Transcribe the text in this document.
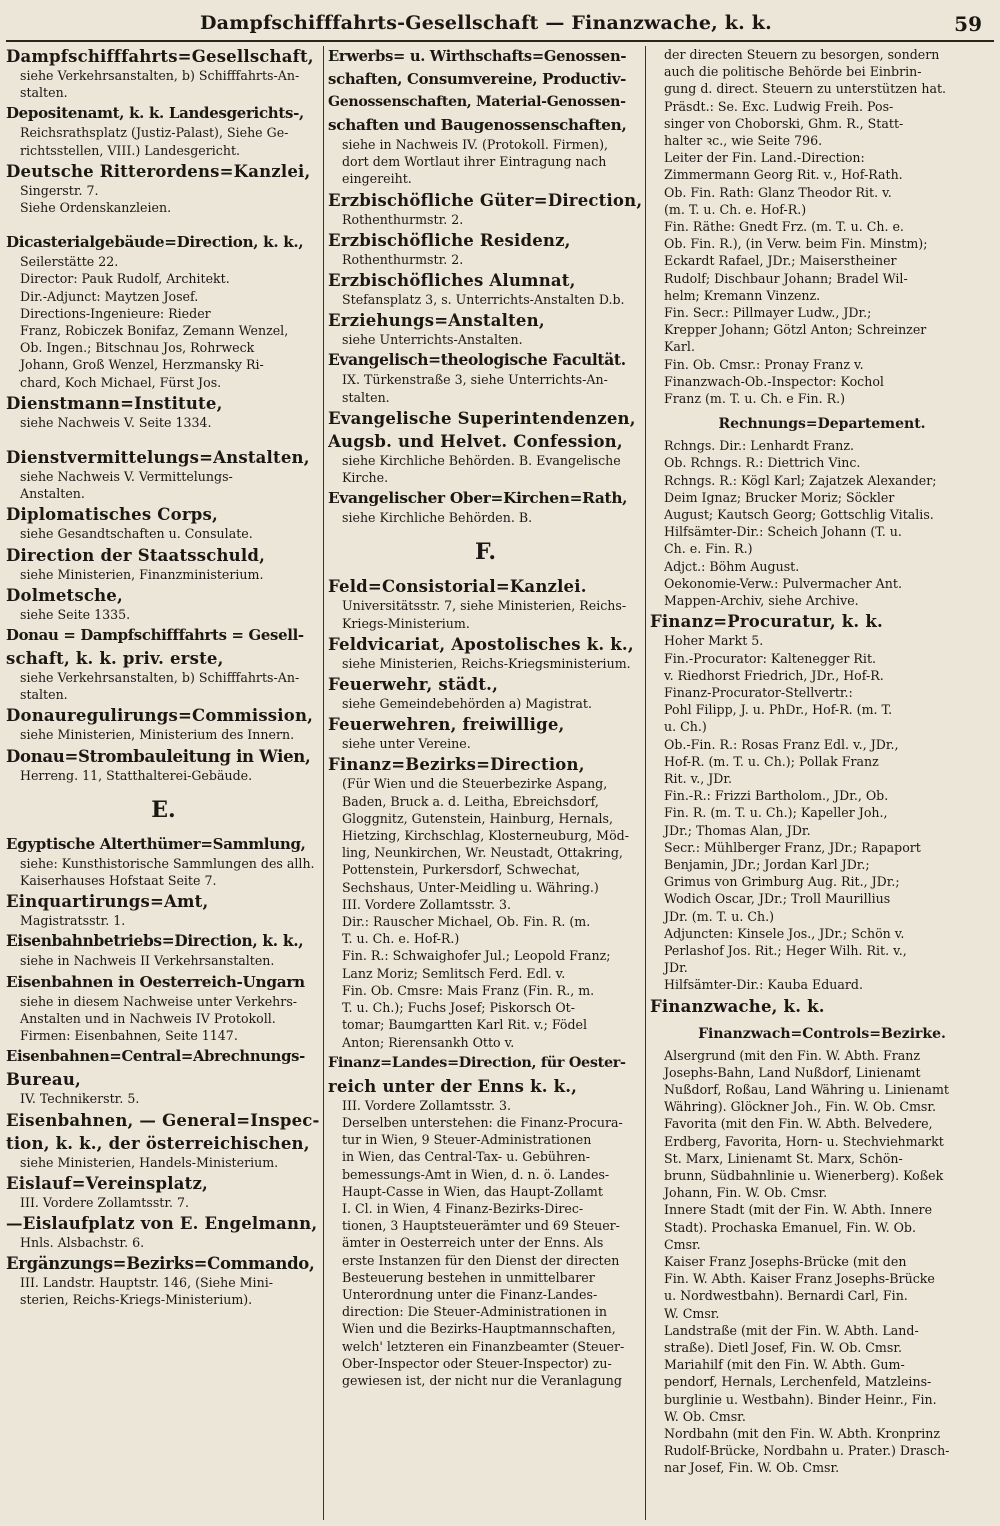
Dampfschifffahrts-Gesellschaft — Finanzwache, k. k.	59
Dampfschifffahrts=Gesellschaft,
siehe Verkehrsanstalten, b) Schifffahrts-An-
stalten.
Depositenamt, k. k. Landesgerichts-,
Reichsrathsplatz (Justiz-Palast), Siehe Ge-
richtsstellen, VIII.) Landesgericht.
Deutsche Ritterordens=Kanzlei,
Singerstr. 7.
Siehe Ordenskanzleien.
Dicasterialgebäude=Direction, k. k.,
Seilerstätte 22.
Director: Pauk Rudolf, Architekt.
Dir.-Adjunct: Maytzen Josef.
Directions-Ingenieure: Rieder
Franz, Robiczek Bonifaz, Zemann Wenzel,
Ob. Ingen.; Bitschnau Jos, Rohrweck
Johann, Groß Wenzel, Herzmansky Ri-
chard, Koch Michael, Fürst Jos.
Dienstmann=Institute,
siehe Nachweis V. Seite 1334.
Dienstvermittelungs=Anstalten,
siehe Nachweis V. Vermittelungs-
Anstalten.
Diplomatisches Corps,
siehe Gesandtschaften u. Consulate.
Direction der Staatsschuld,
siehe Ministerien, Finanzministerium.
Dolmetsche,
siehe Seite 1335.
Donau = Dampfschifffahrts = Gesell-
schaft, k. k. priv. erste,
siehe Verkehrsanstalten, b) Schifffahrts-An-
stalten.
Donauregulirungs=Commission,
siehe Ministerien, Ministerium des Innern.
Donau=Strombauleitung in Wien,
Herreng. 11, Statthalterei-Gebäude.
E.
Egyptische Alterthümer=Sammlung,
siehe: Kunsthistorische Sammlungen des allh.
Kaiserhauses Hofstaat Seite 7.
Einquartirungs=Amt,
Magistratsstr. 1.
Eisenbahnbetriebs=Direction, k. k.,
siehe in Nachweis II Verkehrsanstalten.
Eisenbahnen in Oesterreich-Ungarn
siehe in diesem Nachweise unter Verkehrs-
Anstalten und in Nachweis IV Protokoll.
Firmen: Eisenbahnen, Seite 1147.
Eisenbahnen=Central=Abrechnungs-
Bureau,
IV. Technikerstr. 5.
Eisenbahnen, — General=Inspec-
tion, k. k., der österreichischen,
siehe Ministerien, Handels-Ministerium.
Eislauf=Vereinsplatz,
III. Vordere Zollamtsstr. 7.
—Eislaufplatz von E. Engelmann,
Hnls. Alsbachstr. 6.
Ergänzungs=Bezirks=Commando,
III. Landstr. Hauptstr. 146, (Siehe Mini-
sterien, Reichs-Kriegs-Ministerium).
Erwerbs= u. Wirthschafts=Genossen-
schaften, Consumvereine, Productiv-
Genossenschaften, Material-Genossen-
schaften und Baugenossenschaften,
siehe in Nachweis IV. (Protokoll. Firmen),
dort dem Wortlaut ihrer Eintragung nach
eingereiht.
Erzbischöfliche Güter=Direction,
Rothenthurmstr. 2.
Erzbischöfliche Residenz,
Rothenthurmstr. 2.
Erzbischöfliches Alumnat,
Stefansplatz 3, s. Unterrichts-Anstalten D.b.
Erziehungs=Anstalten,
siehe Unterrichts-Anstalten.
Evangelisch=theologische Facultät.
IX. Türkenstraße 3, siehe Unterrichts-An-
stalten.
Evangelische Superintendenzen,
Augsb. und Helvet. Confession,
siehe Kirchliche Behörden. B. Evangelische
Kirche.
Evangelischer Ober=Kirchen=Rath,
siehe Kirchliche Behörden. B.
F.
Feld=Consistorial=Kanzlei.
Universitätsstr. 7, siehe Ministerien, Reichs-
Kriegs-Ministerium.
Feldvicariat, Apostolisches k. k.,
siehe Ministerien, Reichs-Kriegsministerium.
Feuerwehr, städt.,
siehe Gemeindebehörden a) Magistrat.
Feuerwehren, freiwillige,
siehe unter Vereine.
Finanz=Bezirks=Direction,
(Für Wien und die Steuerbezirke Aspang,
Baden, Bruck a. d. Leitha, Ebreichsdorf,
Gloggnitz, Gutenstein, Hainburg, Hernals,
Hietzing, Kirchschlag, Klosterneuburg, Möd-
ling, Neunkirchen, Wr. Neustadt, Ottakring,
Pottenstein, Purkersdorf, Schwechat,
Sechshaus, Unter-Meidling u. Währing.)
III. Vordere Zollamtsstr. 3.
Dir.: Rauscher Michael, Ob. Fin. R. (m.
T. u. Ch. e. Hof-R.)
Fin. R.: Schwaighofer Jul.; Leopold Franz;
Lanz Moriz; Semlitsch Ferd. Edl. v.
Fin. Ob. Cmsre: Mais Franz (Fin. R., m.
T. u. Ch.); Fuchs Josef; Piskorsch Ot-
tomar; Baumgartten Karl Rit. v.; Födel
Anton; Rierensankh Otto v.
Finanz=Landes=Direction, für Oester-
reich unter der Enns k. k.,
III. Vordere Zollamtsstr. 3.
Derselben unterstehen: die Finanz-Procura-
tur in Wien, 9 Steuer-Administrationen
in Wien, das Central-Tax- u. Gebühren-
bemessungs-Amt in Wien, d. n. ö. Landes-
Haupt-Casse in Wien, das Haupt-Zollamt
I. Cl. in Wien, 4 Finanz-Bezirks-Direc-
tionen, 3 Hauptsteuerämter und 69 Steuer-
ämter in Oesterreich unter der Enns. Als
erste Instanzen für den Dienst der directen
Besteuerung bestehen in unmittelbarer
Unterordnung unter die Finanz-Landes-
direction: Die Steuer-Administrationen in
Wien und die Bezirks-Hauptmannschaften,
welch' letzteren ein Finanzbeamter (Steuer-
Ober-Inspector oder Steuer-Inspector) zu-
gewiesen ist, der nicht nur die Veranlagung
der directen Steuern zu besorgen, sondern
auch die politische Behörde bei Einbrin-
gung d. direct. Steuern zu unterstützen hat.
Präsdt.: Se. Exc. Ludwig Freih. Pos-
singer von Choborski, Ghm. R., Statt-
halter ꝛc., wie Seite 796.
Leiter der Fin. Land.-Direction:
Zimmermann Georg Rit. v., Hof-Rath.
Ob. Fin. Rath: Glanz Theodor Rit. v.
(m. T. u. Ch. e. Hof-R.)
Fin. Räthe: Gnedt Frz. (m. T. u. Ch. e.
Ob. Fin. R.), (in Verw. beim Fin. Minstm);
Eckardt Rafael, JDr.; Maiserstheiner
Rudolf; Dischbaur Johann; Bradel Wil-
helm; Kremann Vinzenz.
Fin. Secr.: Pillmayer Ludw., JDr.;
Krepper Johann; Götzl Anton; Schreinzer
Karl.
Fin. Ob. Cmsr.: Pronay Franz v.
Finanzwach-Ob.-Inspector: Kochol
Franz (m. T. u. Ch. e Fin. R.)
Rechnungs=Departement.
Rchngs. Dir.: Lenhardt Franz.
Ob. Rchngs. R.: Diettrich Vinc.
Rchngs. R.: Kögl Karl; Zajatzek Alexander;
Deim Ignaz; Brucker Moriz; Söckler
August; Kautsch Georg; Gottschlig Vitalis.
Hilfsämter-Dir.: Scheich Johann (T. u.
Ch. e. Fin. R.)
Adjct.: Böhm August.
Oekonomie-Verw.: Pulvermacher Ant.
Mappen-Archiv, siehe Archive.
Finanz=Procuratur, k. k.
Hoher Markt 5.
Fin.-Procurator: Kaltenegger Rit.
v. Riedhorst Friedrich, JDr., Hof-R.
Finanz-Procurator-Stellvertr.:
Pohl Filipp, J. u. PhDr., Hof-R. (m. T.
u. Ch.)
Ob.-Fin. R.: Rosas Franz Edl. v., JDr.,
Hof-R. (m. T. u. Ch.); Pollak Franz
Rit. v., JDr.
Fin.-R.: Frizzi Bartholom., JDr., Ob.
Fin. R. (m. T. u. Ch.); Kapeller Joh.,
JDr.; Thomas Alan, JDr.
Secr.: Mühlberger Franz, JDr.; Rapaport
Benjamin, JDr.; Jordan Karl JDr.;
Grimus von Grimburg Aug. Rit., JDr.;
Wodich Oscar, JDr.; Troll Maurillius
JDr. (m. T. u. Ch.)
Adjuncten: Kinsele Jos., JDr.; Schön v.
Perlashof Jos. Rit.; Heger Wilh. Rit. v.,
JDr.
Hilfsämter-Dir.: Kauba Eduard.
Finanzwache, k. k.
Finanzwach=Controls=Bezirke.
Alsergrund (mit den Fin. W. Abth. Franz
Josephs-Bahn, Land Nußdorf, Linienamt
Nußdorf, Roßau, Land Währing u. Linienamt
Währing). Glöckner Joh., Fin. W. Ob. Cmsr.
Favorita (mit den Fin. W. Abth. Belvedere,
Erdberg, Favorita, Horn- u. Stechviehmarkt
St. Marx, Linienamt St. Marx, Schön-
brunn, Südbahnlinie u. Wienerberg). Koßek
Johann, Fin. W. Ob. Cmsr.
Innere Stadt (mit der Fin. W. Abth. Innere
Stadt). Prochaska Emanuel, Fin. W. Ob.
Cmsr.
Kaiser Franz Josephs-Brücke (mit den
Fin. W. Abth. Kaiser Franz Josephs-Brücke
u. Nordwestbahn). Bernardi Carl, Fin.
W. Cmsr.
Landstraße (mit der Fin. W. Abth. Land-
straße). Dietl Josef, Fin. W. Ob. Cmsr.
Mariahilf (mit den Fin. W. Abth. Gum-
pendorf, Hernals, Lerchenfeld, Matzleins-
burglinie u. Westbahn). Binder Heinr., Fin.
W. Ob. Cmsr.
Nordbahn (mit den Fin. W. Abth. Kronprinz
Rudolf-Brücke, Nordbahn u. Prater.) Drasch-
nar Josef, Fin. W. Ob. Cmsr.
